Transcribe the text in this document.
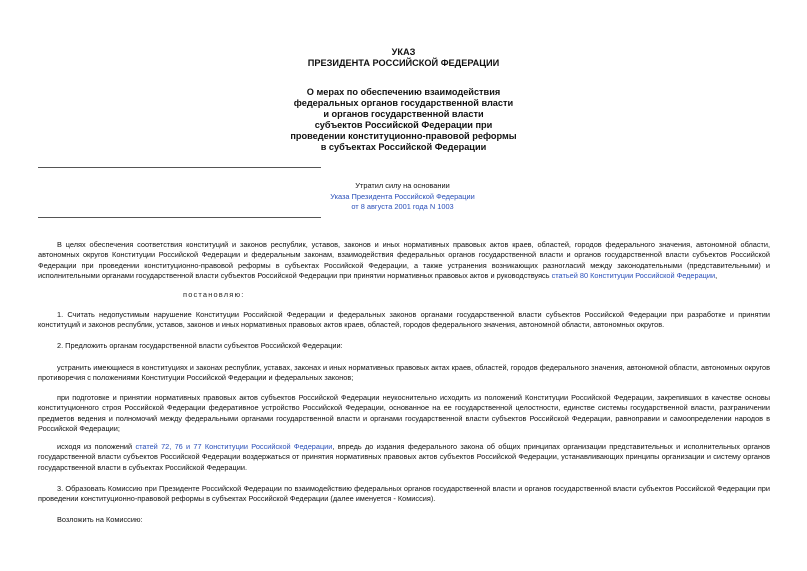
УКАЗ
ПРЕЗИДЕНТА РОССИЙСКОЙ ФЕДЕРАЦИИ
О мерах по обеспечению взаимодействия
федеральных органов государственной власти
и органов государственной власти
субъектов Российской Федерации при
проведении конституционно-правовой реформы
в субъектах Российской Федерации
Утратил силу на основании
Указа Президента Российской Федерации
от 8 августа 2001 года N 1003
В целях обеспечения соответствия конституций и законов республик, уставов, законов и иных нормативных правовых актов краев, областей, городов федерального значения, автономной области, автономных округов Конституции Российской Федерации и федеральным законам, взаимодействия федеральных органов государственной власти и органов государственной власти субъектов Российской Федерации при проведении конституционно-правовой реформы в субъектах Российской Федерации, а также устранения возникающих разногласий между законодательными (представительными) и исполнительными органами государственной власти субъектов Российской Федерации при принятии нормативных правовых актов и руководствуясь статьей 80 Конституции Российской Федерации,
постановляю:
1. Считать недопустимым нарушение Конституции Российской Федерации и федеральных законов органами государственной власти субъектов Российской Федерации при разработке и принятии конституций и законов республик, уставов, законов и иных нормативных правовых актов краев, областей, городов федерального значения, автономной области, автономных округов.
2. Предложить органам государственной власти субъектов Российской Федерации:
устранить имеющиеся в конституциях и законах республик, уставах, законах и иных нормативных правовых актах краев, областей, городов федерального значения, автономной области, автономных округов противоречия с положениями Конституции Российской Федерации и федеральных законов;
при подготовке и принятии нормативных правовых актов субъектов Российской Федерации неукоснительно исходить из положений Конституции Российской Федерации, закрепивших в качестве основы конституционного строя Российской Федерации федеративное устройство Российской Федерации, основанное на ее государственной целостности, единстве системы государственной власти, разграничении предметов ведения и полномочий между федеральными органами государственной власти и органами государственной власти субъектов Российской Федерации, равноправии и самоопределении народов в Российской Федерации;
исходя из положений статей 72, 76 и 77 Конституции Российской Федерации, впредь до издания федерального закона об общих принципах организации представительных и исполнительных органов государственной власти субъектов Российской Федерации воздержаться от принятия нормативных правовых актов субъектов Российской Федерации, устанавливающих принципы организации и систему органов государственной власти в субъектах Российской Федерации.
3. Образовать Комиссию при Президенте Российской Федерации по взаимодействию федеральных органов государственной власти и органов государственной власти субъектов Российской Федерации при проведении конституционно-правовой реформы в субъектах Российской Федерации (далее именуется - Комиссия).
Возложить на Комиссию:
